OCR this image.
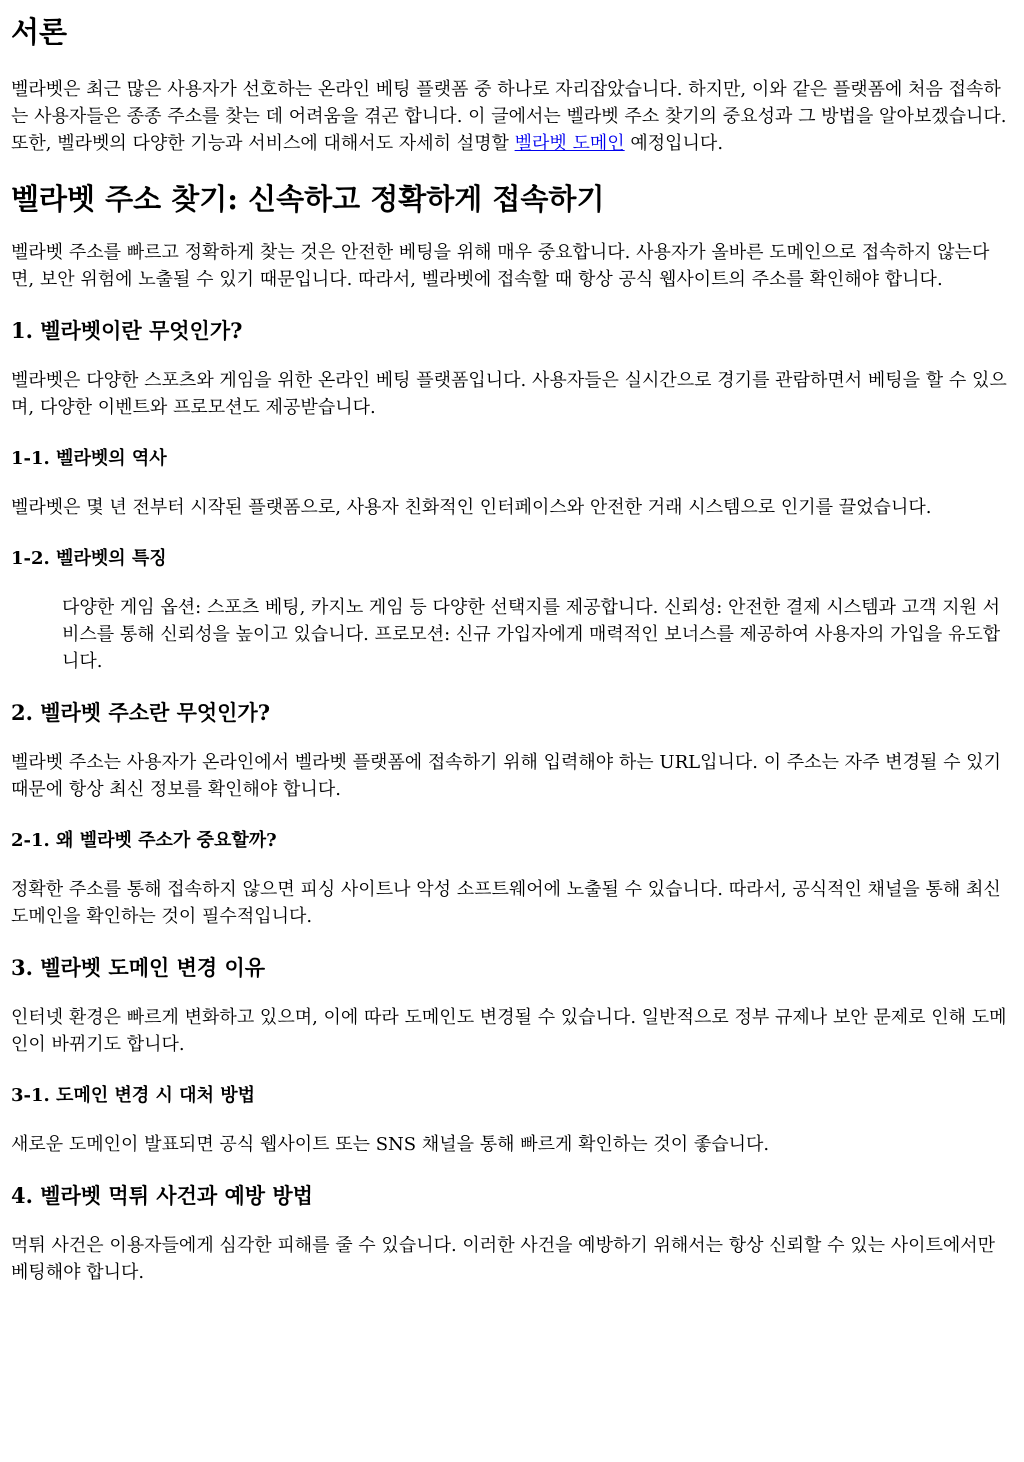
서론

벨라벳은 최근 많은 사용자가 선호하는 온라인 베팅 플랫폼 중 하나로 자리잡았습니다. 하지만, 이와 같은 플랫폼에 처음 접속하는 사용자들은 종종 주소를 찾는 데 어려움을 겪곤 합니다. 이 글에서는 벨라벳 주소 찾기의 중요성과 그 방법을 알아보겠습니다. 또한, 벨라벳의 다양한 기능과 서비스에 대해서도 자세히 설명할 벨라벳 도메인 예정입니다.

벨라벳 주소 찾기: 신속하고 정확하게 접속하기

벨라벳 주소를 빠르고 정확하게 찾는 것은 안전한 베팅을 위해 매우 중요합니다. 사용자가 올바른 도메인으로 접속하지 않는다면, 보안 위험에 노출될 수 있기 때문입니다. 따라서, 벨라벳에 접속할 때 항상 공식 웹사이트의 주소를 확인해야 합니다.

1. 벨라벳이란 무엇인가?

벨라벳은 다양한 스포츠와 게임을 위한 온라인 베팅 플랫폼입니다. 사용자들은 실시간으로 경기를 관람하면서 베팅을 할 수 있으며, 다양한 이벤트와 프로모션도 제공받습니다.

1-1. 벨라벳의 역사

벨라벳은 몇 년 전부터 시작된 플랫폼으로, 사용자 친화적인 인터페이스와 안전한 거래 시스템으로 인기를 끌었습니다.

1-2. 벨라벳의 특징
다양한 게임 옵션: 스포츠 베팅, 카지노 게임 등 다양한 선택지를 제공합니다. 신뢰성: 안전한 결제 시스템과 고객 지원 서비스를 통해 신뢰성을 높이고 있습니다. 프로모션: 신규 가입자에게 매력적인 보너스를 제공하여 사용자의 가입을 유도합니다.
2. 벨라벳 주소란 무엇인가?

벨라벳 주소는 사용자가 온라인에서 벨라벳 플랫폼에 접속하기 위해 입력해야 하는 URL입니다. 이 주소는 자주 변경될 수 있기 때문에 항상 최신 정보를 확인해야 합니다.

2-1. 왜 벨라벳 주소가 중요할까?

정확한 주소를 통해 접속하지 않으면 피싱 사이트나 악성 소프트웨어에 노출될 수 있습니다. 따라서, 공식적인 채널을 통해 최신 도메인을 확인하는 것이 필수적입니다.

3. 벨라벳 도메인 변경 이유

인터넷 환경은 빠르게 변화하고 있으며, 이에 따라 도메인도 변경될 수 있습니다. 일반적으로 정부 규제나 보안 문제로 인해 도메인이 바뀌기도 합니다.

3-1. 도메인 변경 시 대처 방법

새로운 도메인이 발표되면 공식 웹사이트 또는 SNS 채널을 통해 빠르게 확인하는 것이 좋습니다.

4. 벨라벳 먹튀 사건과 예방 방법

먹튀 사건은 이용자들에게 심각한 피해를 줄 수 있습니다. 이러한 사건을 예방하기 위해서는 항상 신뢰할 수 있는 사이트에서만 베팅해야 합니다.
